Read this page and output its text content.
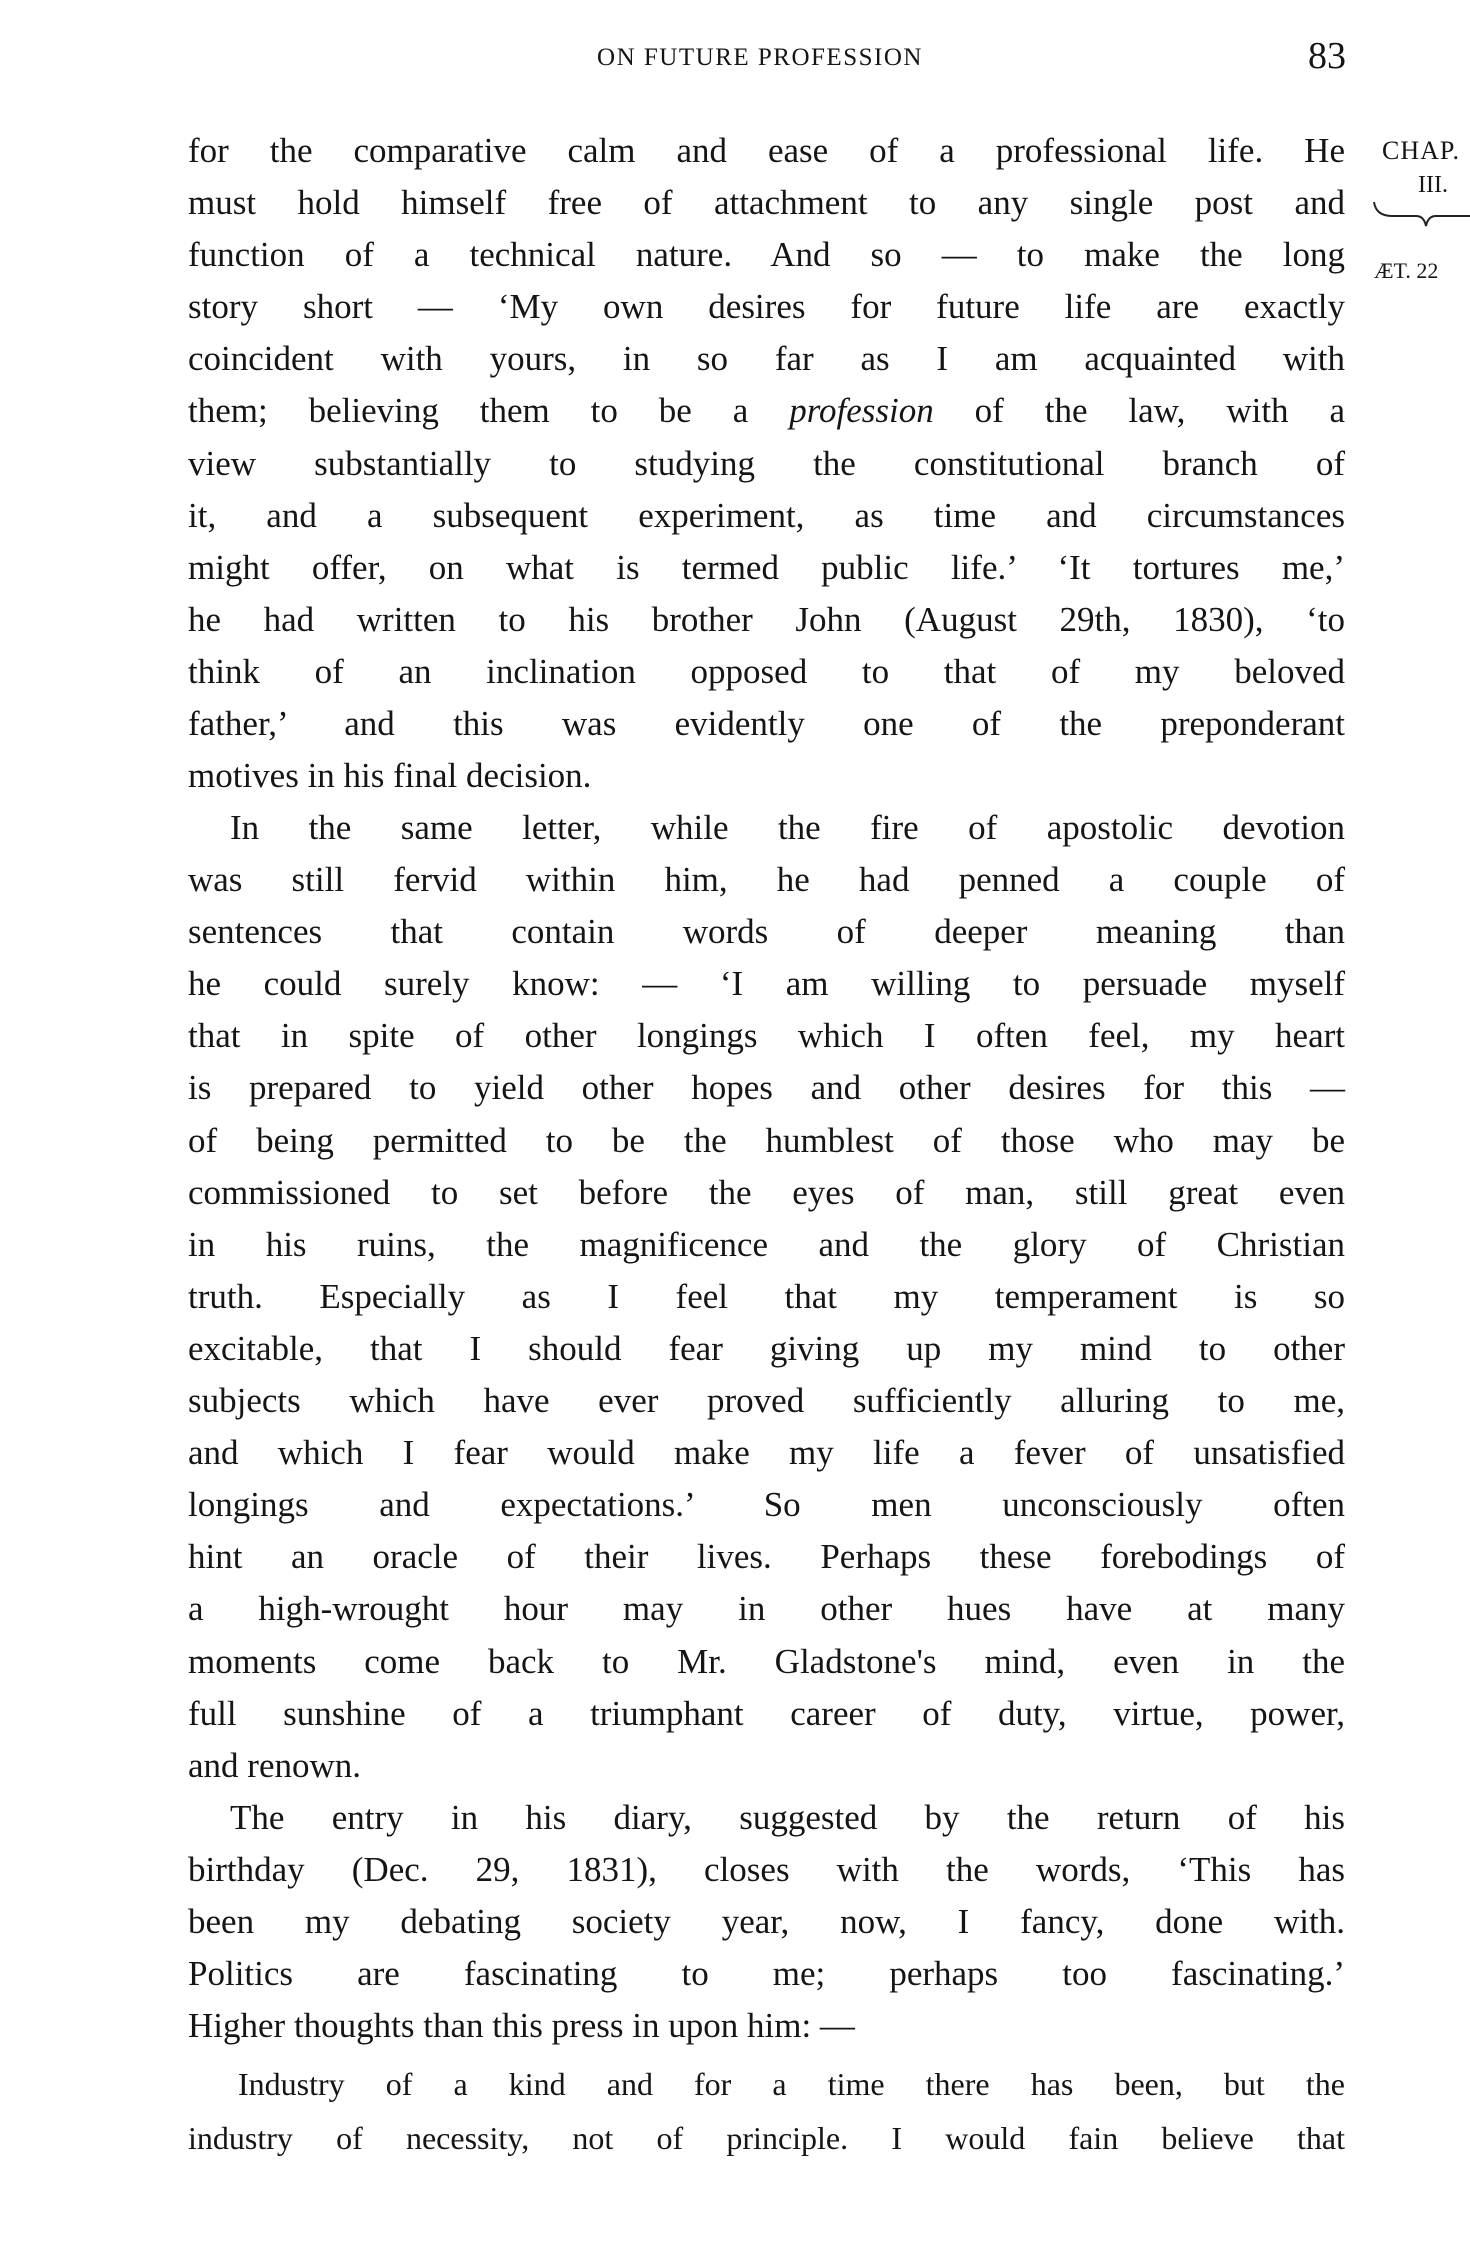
ON FUTURE PROFESSION	83
CHAP.
III.
ÆT. 22
for the comparative calm and ease of a professional life. He
must hold himself free of attachment to any single post and
function of a technical nature. And so — to make the long
story short — ‘My own desires for future life are exactly
coincident with yours, in so far as I am acquainted with
them; believing them to be a profession of the law, with a
view substantially to studying the constitutional branch of
it, and a subsequent experiment, as time and circumstances
might offer, on what is termed public life.’ ‘It tortures me,’
he had written to his brother John (August 29th, 1830), ‘to
think of an inclination opposed to that of my beloved
father,’ and this was evidently one of the preponderant
motives in his final decision.
In the same letter, while the fire of apostolic devotion
was still fervid within him, he had penned a couple of
sentences that contain words of deeper meaning than
he could surely know: — ‘I am willing to persuade myself
that in spite of other longings which I often feel, my heart
is prepared to yield other hopes and other desires for this —
of being permitted to be the humblest of those who may be
commissioned to set before the eyes of man, still great even
in his ruins, the magnificence and the glory of Christian
truth. Especially as I feel that my temperament is so
excitable, that I should fear giving up my mind to other
subjects which have ever proved sufficiently alluring to me,
and which I fear would make my life a fever of unsatisfied
longings and expectations.’ So men unconsciously often
hint an oracle of their lives. Perhaps these forebodings of
a high-wrought hour may in other hues have at many
moments come back to Mr. Gladstone's mind, even in the
full sunshine of a triumphant career of duty, virtue, power,
and renown.
The entry in his diary, suggested by the return of his
birthday (Dec. 29, 1831), closes with the words, ‘This has
been my debating society year, now, I fancy, done with.
Politics are fascinating to me; perhaps too fascinating.’
Higher thoughts than this press in upon him: —
Industry of a kind and for a time there has been, but the
industry of necessity, not of principle. I would fain believe that
